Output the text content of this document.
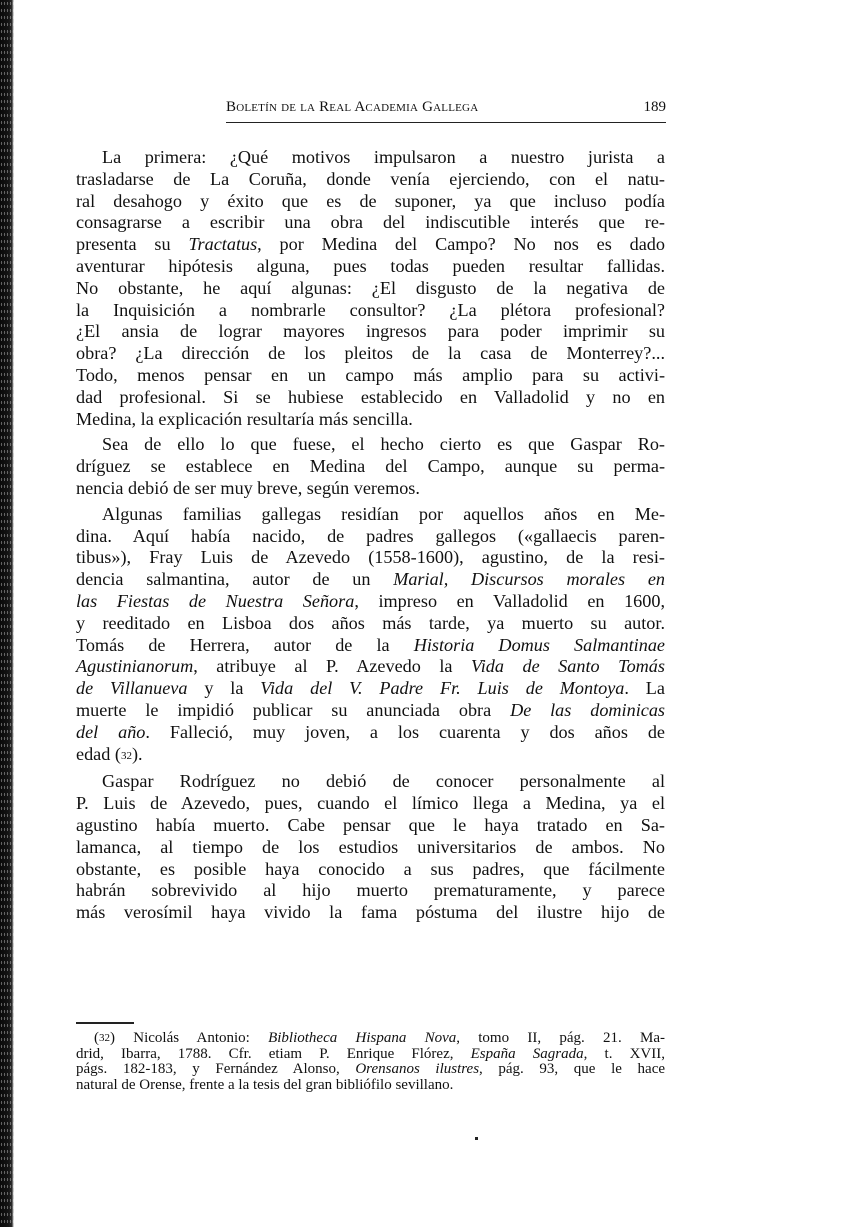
Boletín de la Real Academia Gallega	189
La primera: ¿Qué motivos impulsaron a nuestro jurista a
trasladarse de La Coruña, donde venía ejerciendo, con el natu-
ral desahogo y éxito que es de suponer, ya que incluso podía
consagrarse a escribir una obra del indiscutible interés que re-
presenta su Tractatus, por Medina del Campo? No nos es dado
aventurar hipótesis alguna, pues todas pueden resultar fallidas.
No obstante, he aquí algunas: ¿El disgusto de la negativa de
la Inquisición a nombrarle consultor? ¿La plétora profesional?
¿El ansia de lograr mayores ingresos para poder imprimir su
obra? ¿La dirección de los pleitos de la casa de Monterrey?...
Todo, menos pensar en un campo más amplio para su activi-
dad profesional. Si se hubiese establecido en Valladolid y no en
Medina, la explicación resultaría más sencilla.
Sea de ello lo que fuese, el hecho cierto es que Gaspar Ro-
dríguez se establece en Medina del Campo, aunque su perma-
nencia debió de ser muy breve, según veremos.
Algunas familias gallegas residían por aquellos años en Me-
dina. Aquí había nacido, de padres gallegos («gallaecis paren-
tibus»), Fray Luis de Azevedo (1558-1600), agustino, de la resi-
dencia salmantina, autor de un Marial, Discursos morales en
las Fiestas de Nuestra Señora, impreso en Valladolid en 1600,
y reeditado en Lisboa dos años más tarde, ya muerto su autor.
Tomás de Herrera, autor de la Historia Domus Salmantinae
Agustinianorum, atribuye al P. Azevedo la Vida de Santo Tomás
de Villanueva y la Vida del V. Padre Fr. Luis de Montoya. La
muerte le impidió publicar su anunciada obra De las dominicas
del año. Falleció, muy joven, a los cuarenta y dos años de
edad (32).
Gaspar Rodríguez no debió de conocer personalmente al
P. Luis de Azevedo, pues, cuando el límico llega a Medina, ya el
agustino había muerto. Cabe pensar que le haya tratado en Sa-
lamanca, al tiempo de los estudios universitarios de ambos. No
obstante, es posible haya conocido a sus padres, que fácilmente
habrán sobrevivido al hijo muerto prematuramente, y parece
más verosímil haya vivido la fama póstuma del ilustre hijo de
(32) Nicolás Antonio: Bibliotheca Hispana Nova, tomo II, pág. 21. Ma-
drid, Ibarra, 1788. Cfr. etiam P. Enrique Flórez, España Sagrada, t. XVII,
págs. 182-183, y Fernández Alonso, Orensanos ilustres, pág. 93, que le hace
natural de Orense, frente a la tesis del gran bibliófilo sevillano.
